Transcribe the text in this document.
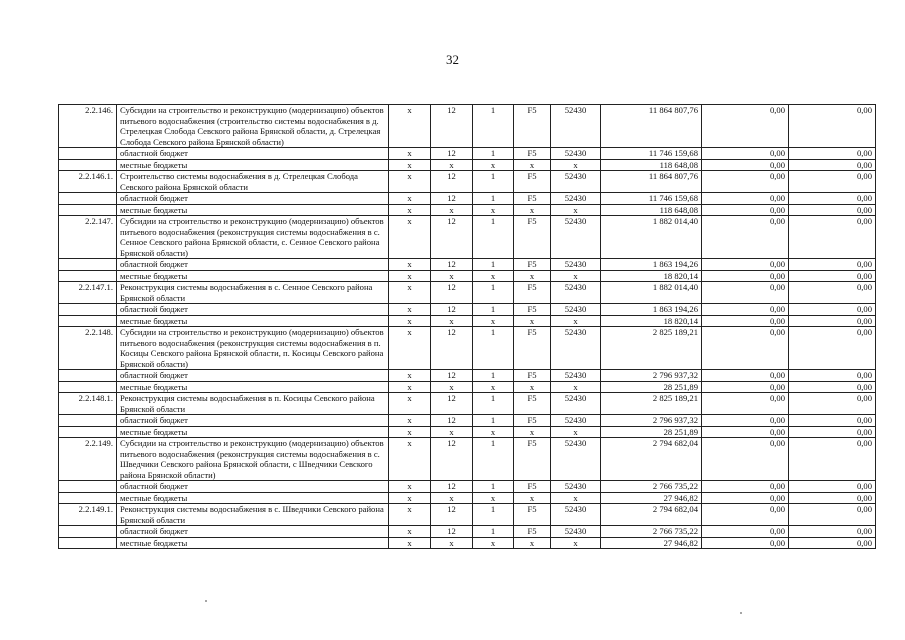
32
2.2.146.	Субсидии на строительство и реконструкцию (модернизацию) объектов питьевого водоснабжения (строительство системы водоснабжения в д. Стрелецкая Слобода Севского района Брянской области, д. Стрелецкая Слобода Севского района Брянской области)	x	12	1	F5	52430	11 864 807,76	0,00	0,00
	областной бюджет	x	12	1	F5	52430	11 746 159,68	0,00	0,00
	местные бюджеты	x	x	x	x	x	118 648,08	0,00	0,00
2.2.146.1.	Строительство системы водоснабжения в д. Стрелецкая Слобода Севского района Брянской области	x	12	1	F5	52430	11 864 807,76	0,00	0,00
	областной бюджет	x	12	1	F5	52430	11 746 159,68	0,00	0,00
	местные бюджеты	x	x	x	x	x	118 648,08	0,00	0,00
2.2.147.	Субсидии на строительство и реконструкцию (модернизацию) объектов питьевого водоснабжения (реконструкция системы водоснабжения в с. Сенное Севского района Брянской области, с. Сенное Севского района Брянской области)	x	12	1	F5	52430	1 882 014,40	0,00	0,00
	областной бюджет	x	12	1	F5	52430	1 863 194,26	0,00	0,00
	местные бюджеты	x	x	x	x	x	18 820,14	0,00	0,00
2.2.147.1.	Реконструкция системы водоснабжения в с. Сенное Севского района Брянской области	x	12	1	F5	52430	1 882 014,40	0,00	0,00
	областной бюджет	x	12	1	F5	52430	1 863 194,26	0,00	0,00
	местные бюджеты	x	x	x	x	x	18 820,14	0,00	0,00
2.2.148.	Субсидии на строительство и реконструкцию (модернизацию) объектов питьевого водоснабжения (реконструкция системы водоснабжения в п. Косицы Севского района Брянской области, п. Косицы Севского района Брянской области)	x	12	1	F5	52430	2 825 189,21	0,00	0,00
	областной бюджет	x	12	1	F5	52430	2 796 937,32	0,00	0,00
	местные бюджеты	x	x	x	x	x	28 251,89	0,00	0,00
2.2.148.1.	Реконструкция системы водоснабжения в п. Косицы Севского района Брянской области	x	12	1	F5	52430	2 825 189,21	0,00	0,00
	областной бюджет	x	12	1	F5	52430	2 796 937,32	0,00	0,00
	местные бюджеты	x	x	x	x	x	28 251,89	0,00	0,00
2.2.149.	Субсидии на строительство и реконструкцию (модернизацию) объектов питьевого водоснабжения (реконструкция системы водоснабжения в с. Шведчики Севского района Брянской области, с Шведчики Севского района Брянской области)	x	12	1	F5	52430	2 794 682,04	0,00	0,00
	областной бюджет	x	12	1	F5	52430	2 766 735,22	0,00	0,00
	местные бюджеты	x	x	x	x	x	27 946,82	0,00	0,00
2.2.149.1.	Реконструкция системы водоснабжения в с. Шведчики Севского района Брянской области	x	12	1	F5	52430	2 794 682,04	0,00	0,00
	областной бюджет	x	12	1	F5	52430	2 766 735,22	0,00	0,00
	местные бюджеты	x	x	x	x	x	27 946,82	0,00	0,00
